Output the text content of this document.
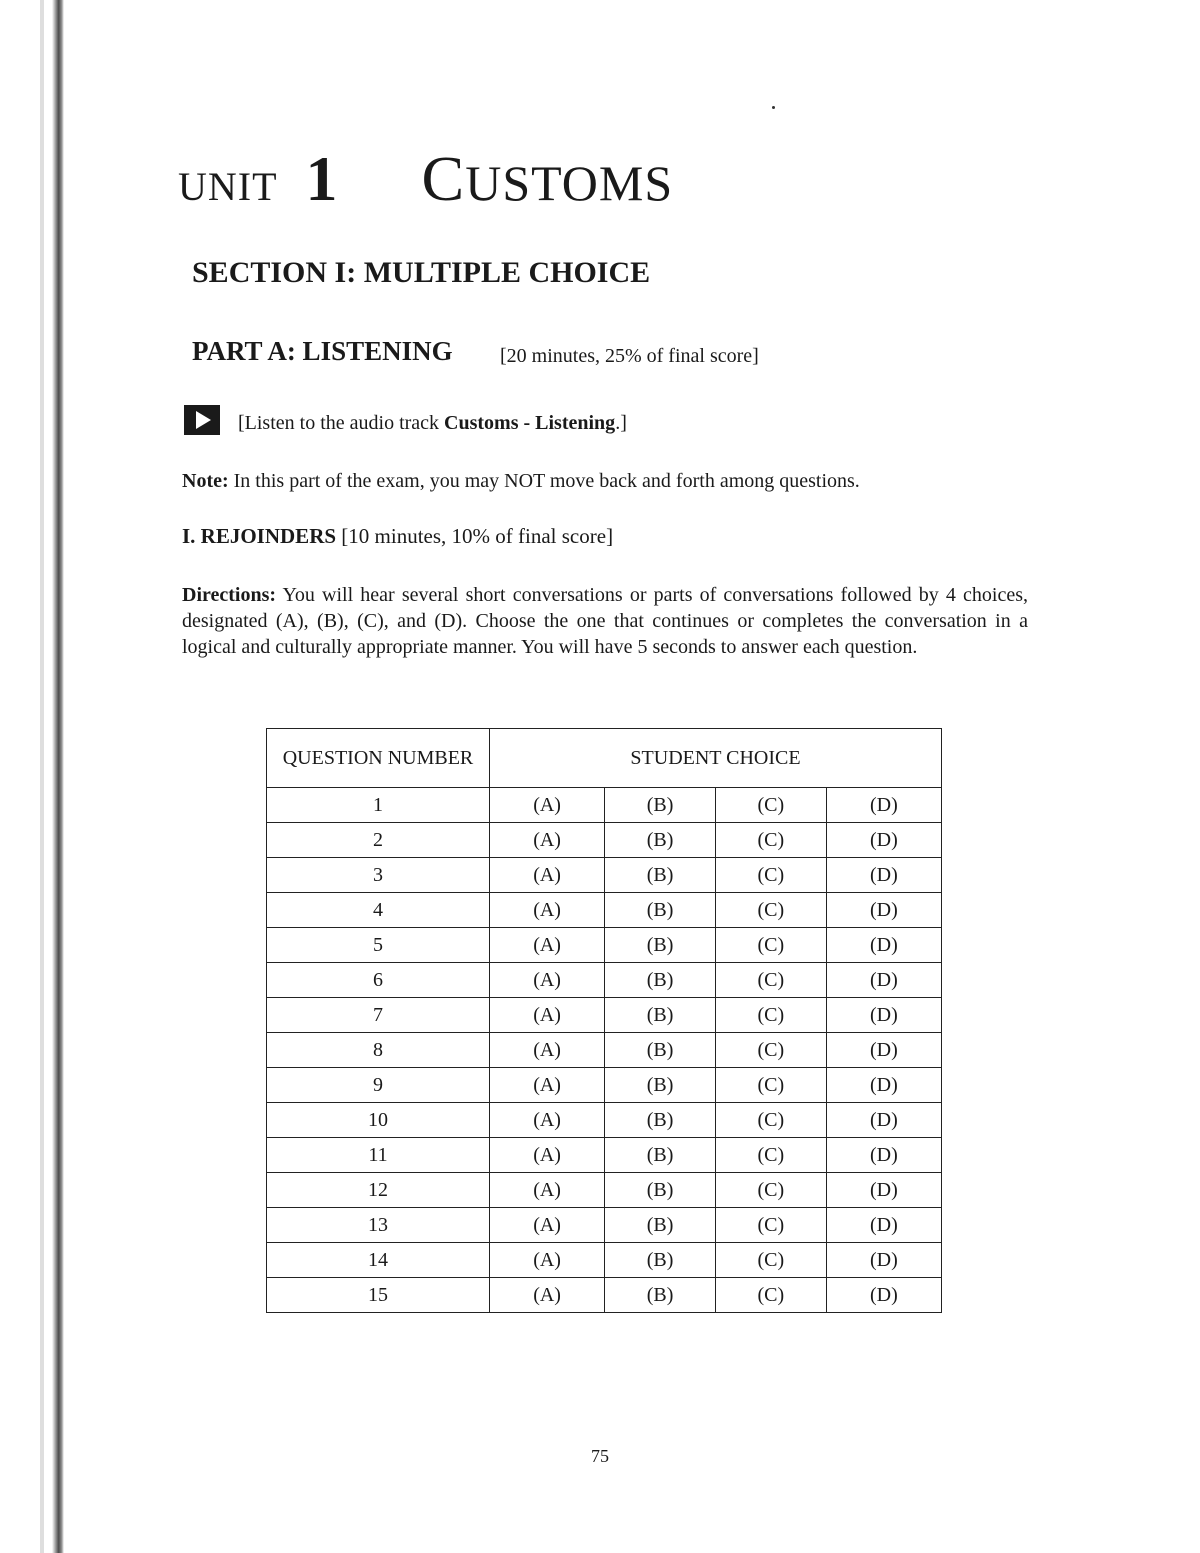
UNIT 1 CUSTOMS
SECTION I: MULTIPLE CHOICE
PART A: LISTENING [20 minutes, 25% of final score]
[Listen to the audio track Customs - Listening.]
Note: In this part of the exam, you may NOT move back and forth among questions.
I. REJOINDERS [10 minutes, 10% of final score]
Directions: You will hear several short conversations or parts of conversations followed by 4 choices, designated (A), (B), (C), and (D). Choose the one that continues or completes the conversation in a logical and culturally appropriate manner. You will have 5 seconds to answer each question.
QUESTION NUMBER	STUDENT CHOICE			
1	(A)	(B)	(C)	(D)
2	(A)	(B)	(C)	(D)
3	(A)	(B)	(C)	(D)
4	(A)	(B)	(C)	(D)
5	(A)	(B)	(C)	(D)
6	(A)	(B)	(C)	(D)
7	(A)	(B)	(C)	(D)
8	(A)	(B)	(C)	(D)
9	(A)	(B)	(C)	(D)
10	(A)	(B)	(C)	(D)
11	(A)	(B)	(C)	(D)
12	(A)	(B)	(C)	(D)
13	(A)	(B)	(C)	(D)
14	(A)	(B)	(C)	(D)
15	(A)	(B)	(C)	(D)
75
